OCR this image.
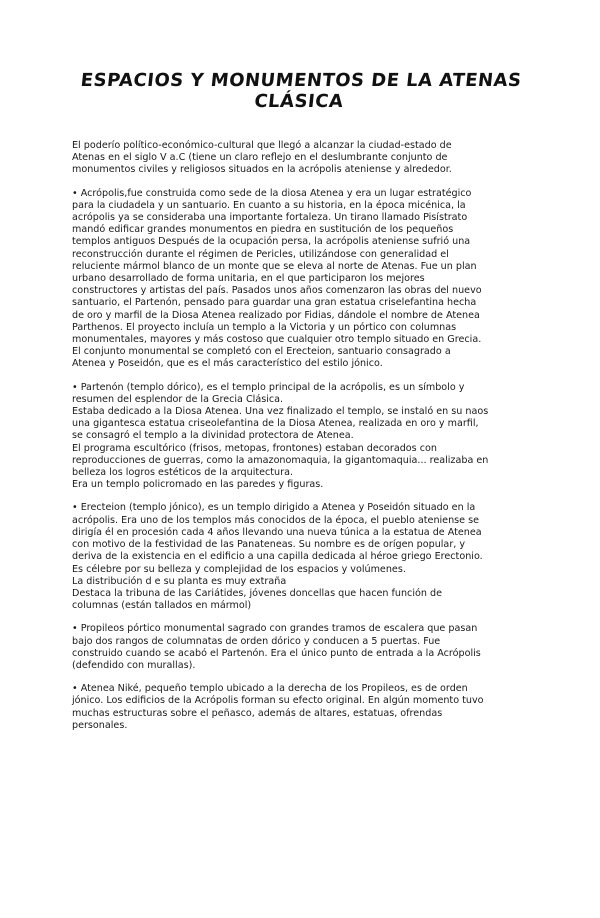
ESPACIOS Y MONUMENTOS DE LA ATENAS CLÁSICA

El poderío político-económico-cultural que llegó a alcanzar la ciudad-estado de
Atenas en el siglo V a.C (tiene un claro reflejo en el deslumbrante conjunto de
monumentos civiles y religiosos situados en la acrópolis ateniense y alrededor.

• Acrópolis,fue construida como sede de la diosa Atenea y era un lugar estratégico
para la ciudadela y un santuario. En cuanto a su historia, en la época micénica, la
acrópolis ya se consideraba una importante fortaleza. Un tirano llamado Pisístrato
mandó edificar grandes monumentos en piedra en sustitución de los pequeños
templos antiguos Después de la ocupación persa, la acrópolis ateniense sufrió una
reconstrucción durante el régimen de Pericles, utilizándose con generalidad el
reluciente mármol blanco de un monte que se eleva al norte de Atenas. Fue un plan
urbano desarrollado de forma unitaria, en el que participaron los mejores
constructores y artistas del país. Pasados unos años comenzaron las obras del nuevo
santuario, el Partenón, pensado para guardar una gran estatua criselefantina hecha
de oro y marfil de la Diosa Atenea realizado por Fidias, dándole el nombre de Atenea
Parthenos. El proyecto incluía un templo a la Victoria y un pórtico con columnas
monumentales, mayores y más costoso que cualquier otro templo situado en Grecia.
El conjunto monumental se completó con el Erecteion, santuario consagrado a
Atenea y Poseidón, que es el más característico del estilo jónico.

• Partenón (templo dórico), es el templo principal de la acrópolis, es un símbolo y
resumen del esplendor de la Grecia Clásica.
Estaba dedicado a la Diosa Atenea. Una vez finalizado el templo, se instaló en su naos
una gigantesca estatua criseolefantina de la Diosa Atenea, realizada en oro y marfil,
se consagró el templo a la divinidad protectora de Atenea.
El programa escultórico (frisos, metopas, frontones) estaban decorados con
reproducciones de guerras, como la amazonomaquia, la gigantomaquia... realizaba en
belleza los logros estéticos de la arquitectura.
Era un templo policromado en las paredes y figuras.

• Erecteion (templo jónico), es un templo dirigido a Atenea y Poseidón situado en la
acrópolis. Era uno de los templos más conocidos de la época, el pueblo ateniense se
dirigía él en procesión cada 4 años llevando una nueva túnica a la estatua de Atenea
con motivo de la festividad de las Panateneas. Su nombre es de orígen popular, y
deriva de la existencia en el edificio a una capilla dedicada al héroe griego Erectonio.
Es célebre por su belleza y complejidad de los espacios y volúmenes.
La distribución d e su planta es muy extraña
Destaca la tribuna de las Cariátides, jóvenes doncellas que hacen función de
columnas (están tallados en mármol)

• Propileos pórtico monumental sagrado con grandes tramos de escalera que pasan
bajo dos rangos de columnatas de orden dórico y conducen a 5 puertas. Fue
construido cuando se acabó el Partenón. Era el único punto de entrada a la Acrópolis
(defendido con murallas).

• Atenea Niké, pequeño templo ubicado a la derecha de los Propileos, es de orden
jónico. Los edificios de la Acrópolis forman su efecto original. En algún momento tuvo
muchas estructuras sobre el peñasco, además de altares, estatuas, ofrendas
personales.
